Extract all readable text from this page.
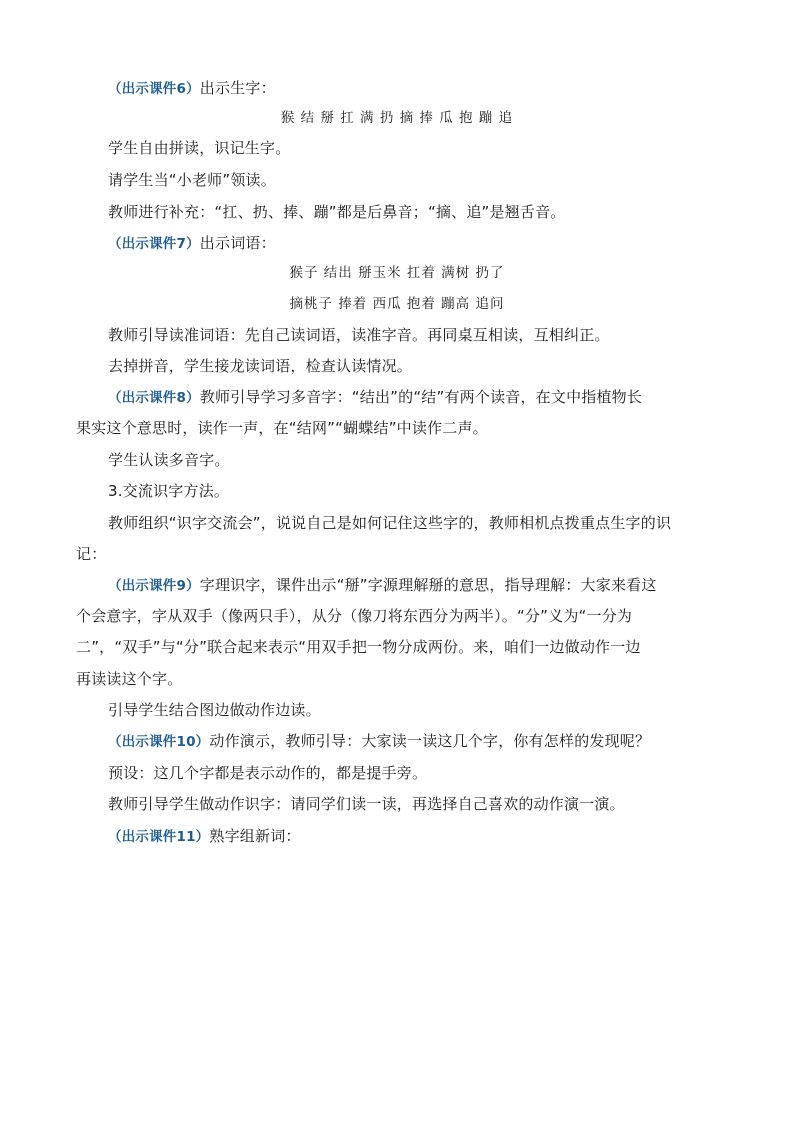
（出示课件6）出示生字：
猴 结 掰 扛 满 扔 摘 捧 瓜 抱 蹦 追
学生自由拼读，识记生字。
请学生当“小老师”领读。
教师进行补充：“扛、扔、捧、蹦”都是后鼻音；“摘、追”是翘舌音。
（出示课件7）出示词语：
猴子 结出 掰玉米 扛着 满树 扔了
摘桃子 捧着 西瓜 抱着 蹦高 追问
教师引导读准词语：先自己读词语，读准字音。再同桌互相读，互相纠正。
去掉拼音，学生接龙读词语，检查认读情况。
（出示课件8）教师引导学习多音字：“结出”的“结”有两个读音，在文中指植物长
果实这个意思时，读作一声，在“结网”“蝴蝶结”中读作二声。
学生认读多音字。
3.交流识字方法。
教师组织“识字交流会”，说说自己是如何记住这些字的，教师相机点拨重点生字的识
记：
（出示课件9）字理识字，课件出示“掰”字源理解掰的意思，指导理解：大家来看这
个会意字，字从双手（像两只手），从分（像刀将东西分为两半）。“分”义为“一分为
二”，“双手”与“分”联合起来表示“用双手把一物分成两份。来，咱们一边做动作一边
再读读这个字。
引导学生结合图边做动作边读。
（出示课件10）动作演示，教师引导：大家读一读这几个字，你有怎样的发现呢？
预设：这几个字都是表示动作的，都是提手旁。
教师引导学生做动作识字：请同学们读一读，再选择自己喜欢的动作演一演。
（出示课件11）熟字组新词：
